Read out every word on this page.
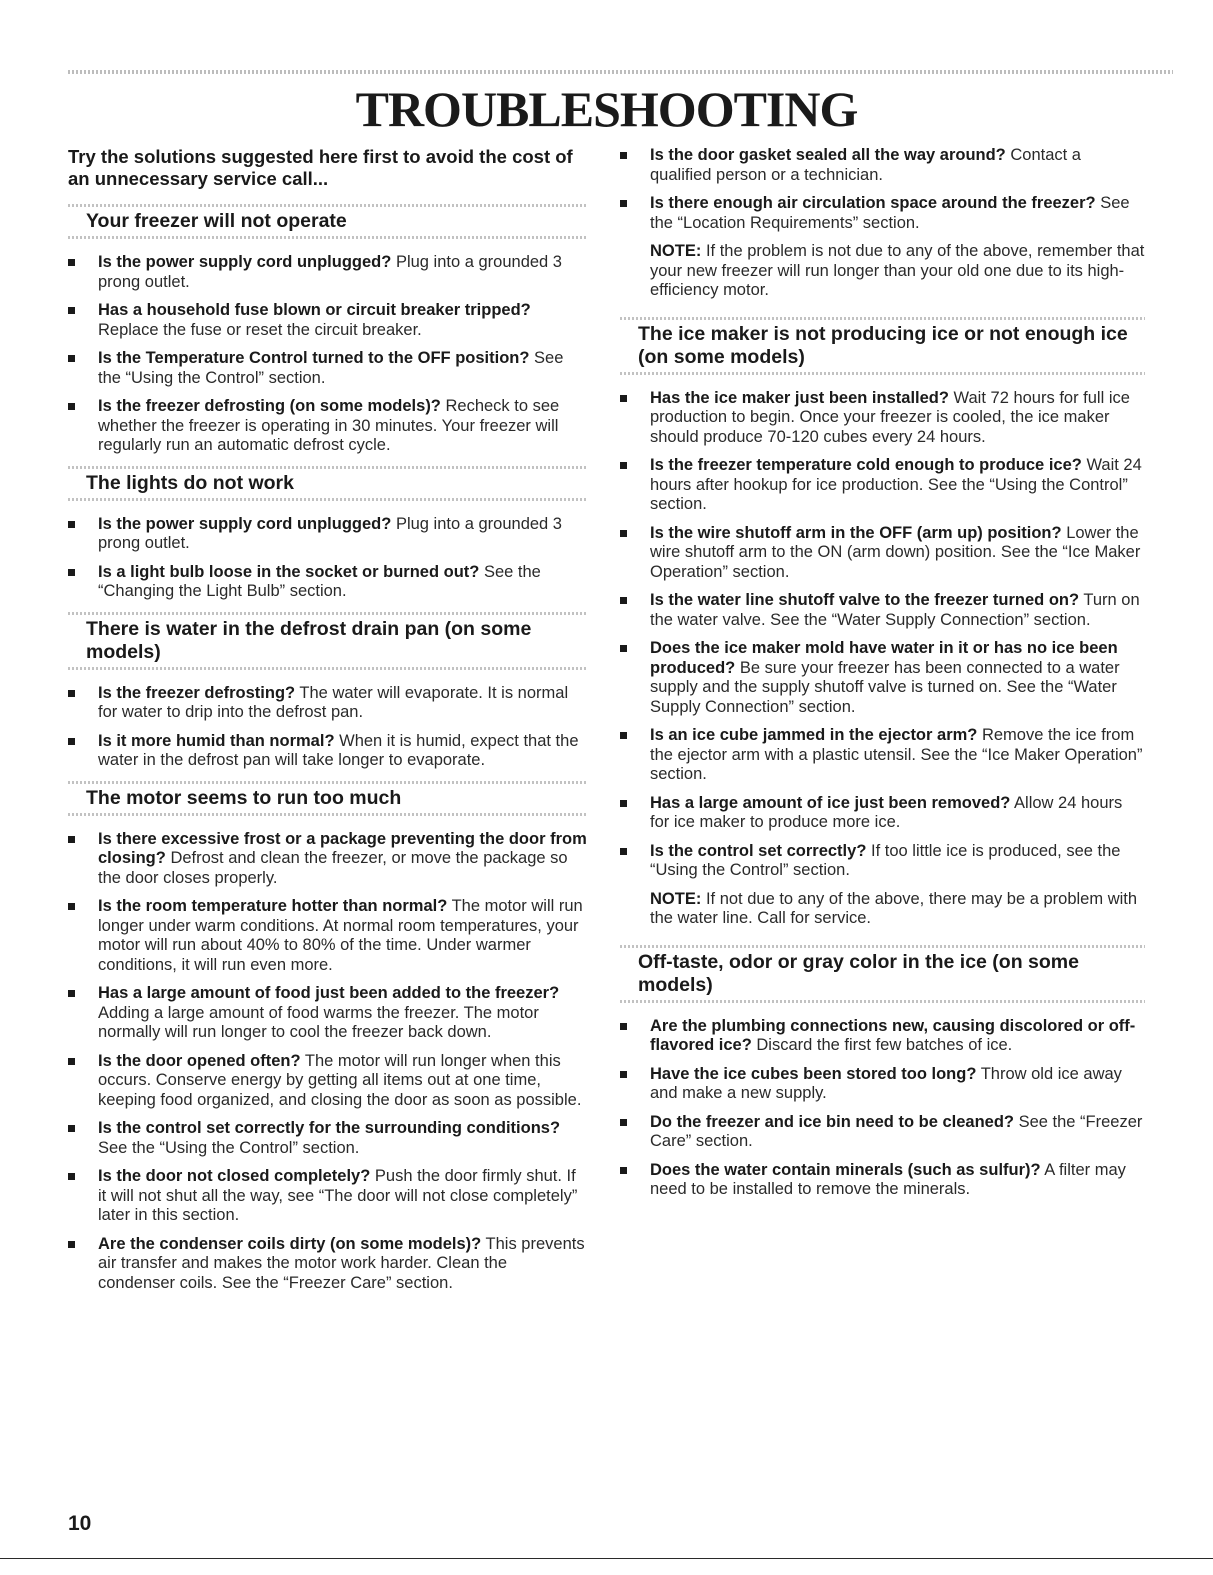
TROUBLESHOOTING

Try the solutions suggested here first to avoid the cost of an unnecessary service call...

Your freezer will not operate
Is the power supply cord unplugged? Plug into a grounded 3 prong outlet.
Has a household fuse blown or circuit breaker tripped? Replace the fuse or reset the circuit breaker.
Is the Temperature Control turned to the OFF position? See the “Using the Control” section.
Is the freezer defrosting (on some models)? Recheck to see whether the freezer is operating in 30 minutes. Your freezer will regularly run an automatic defrost cycle.
The lights do not work
Is the power supply cord unplugged? Plug into a grounded 3 prong outlet.
Is a light bulb loose in the socket or burned out? See the “Changing the Light Bulb” section.
There is water in the defrost drain pan (on some models)
Is the freezer defrosting? The water will evaporate. It is normal for water to drip into the defrost pan.
Is it more humid than normal? When it is humid, expect that the water in the defrost pan will take longer to evaporate.
The motor seems to run too much
Is there excessive frost or a package preventing the door from closing? Defrost and clean the freezer, or move the package so the door closes properly.
Is the room temperature hotter than normal? The motor will run longer under warm conditions. At normal room temperatures, your motor will run about 40% to 80% of the time. Under warmer conditions, it will run even more.
Has a large amount of food just been added to the freezer? Adding a large amount of food warms the freezer. The motor normally will run longer to cool the freezer back down.
Is the door opened often? The motor will run longer when this occurs. Conserve energy by getting all items out at one time, keeping food organized, and closing the door as soon as possible.
Is the control set correctly for the surrounding conditions? See the “Using the Control” section.
Is the door not closed completely? Push the door firmly shut. If it will not shut all the way, see “The door will not close completely” later in this section.
Are the condenser coils dirty (on some models)? This prevents air transfer and makes the motor work harder. Clean the condenser coils. See the “Freezer Care” section.
Is the door gasket sealed all the way around? Contact a qualified person or a technician.
Is there enough air circulation space around the freezer? See the “Location Requirements” section.
NOTE: If the problem is not due to any of the above, remember that your new freezer will run longer than your old one due to its high-efficiency motor.
The ice maker is not producing ice or not enough ice (on some models)
Has the ice maker just been installed? Wait 72 hours for full ice production to begin. Once your freezer is cooled, the ice maker should produce 70-120 cubes every 24 hours.
Is the freezer temperature cold enough to produce ice? Wait 24 hours after hookup for ice production. See the “Using the Control” section.
Is the wire shutoff arm in the OFF (arm up) position? Lower the wire shutoff arm to the ON (arm down) position. See the “Ice Maker Operation” section.
Is the water line shutoff valve to the freezer turned on? Turn on the water valve. See the “Water Supply Connection” section.
Does the ice maker mold have water in it or has no ice been produced? Be sure your freezer has been connected to a water supply and the supply shutoff valve is turned on. See the “Water Supply Connection” section.
Is an ice cube jammed in the ejector arm? Remove the ice from the ejector arm with a plastic utensil. See the “Ice Maker Operation” section.
Has a large amount of ice just been removed? Allow 24 hours for ice maker to produce more ice.
Is the control set correctly? If too little ice is produced, see the “Using the Control” section.
NOTE: If not due to any of the above, there may be a problem with the water line. Call for service.
Off-taste, odor or gray color in the ice (on some models)
Are the plumbing connections new, causing discolored or off-flavored ice? Discard the first few batches of ice.
Have the ice cubes been stored too long? Throw old ice away and make a new supply.
Do the freezer and ice bin need to be cleaned? See the “Freezer Care” section.
Does the water contain minerals (such as sulfur)? A filter may need to be installed to remove the minerals.
10
